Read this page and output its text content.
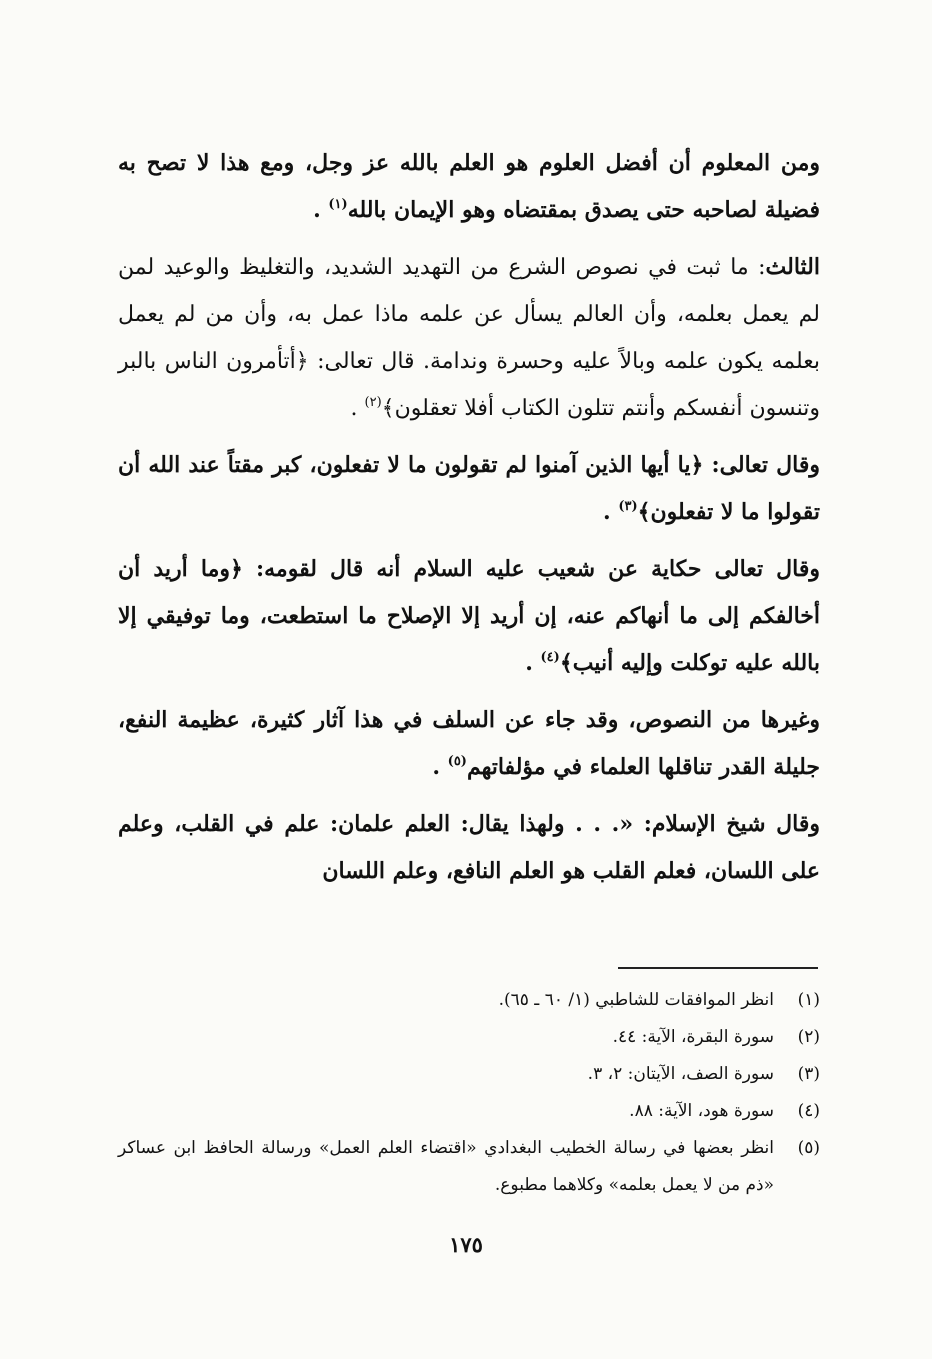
ومن المعلوم أن أفضل العلوم هو العلم بالله عز وجل، ومع هذا لا تصح به فضيلة لصاحبه حتى يصدق بمقتضاه وهو الإيمان بالله$^{(١)}$ .

الثالث: ما ثبت في نصوص الشرع من التهديد الشديد، والتغليظ والوعيد لمن لم يعمل بعلمه، وأن العالم يسأل عن علمه ماذا عمل به، وأن من لم يعمل بعلمه يكون علمه وبالاً عليه وحسرة وندامة. قال تعالى: ﴿أتأمرون الناس بالبر وتنسون أنفسكم وأنتم تتلون الكتاب أفلا تعقلون﴾$^{(٢)}$ .

وقال تعالى: ﴿يا أيها الذين آمنوا لم تقولون ما لا تفعلون، كبر مقتاً عند الله أن تقولوا ما لا تفعلون﴾$^{(٣)}$ .

وقال تعالى حكاية عن شعيب عليه السلام أنه قال لقومه: ﴿وما أريد أن أخالفكم إلى ما أنهاكم عنه، إن أريد إلا الإصلاح ما استطعت، وما توفيقي إلا بالله عليه توكلت وإليه أنيب﴾$^{(٤)}$ .

وغيرها من النصوص، وقد جاء عن السلف في هذا آثار كثيرة، عظيمة النفع، جليلة القدر تناقلها العلماء في مؤلفاتهم$^{(٥)}$ .

وقال شيخ الإسلام: «. . . ولهذا يقال: العلم علمان: علم في القلب، وعلم على اللسان، فعلم القلب هو العلم النافع، وعلم اللسان

(١)
انظر الموافقات للشاطبي (١/ ٦٠ ـ ٦٥).
(٢)
سورة البقرة، الآية: ٤٤.
(٣)
سورة الصف، الآيتان: ٢، ٣.
(٤)
سورة هود، الآية: ٨٨.
(٥)
انظر بعضها في رسالة الخطيب البغدادي «اقتضاء العلم العمل» ورسالة الحافظ ابن عساكر «ذم من لا يعمل بعلمه» وكلاهما مطبوع.
١٧٥
